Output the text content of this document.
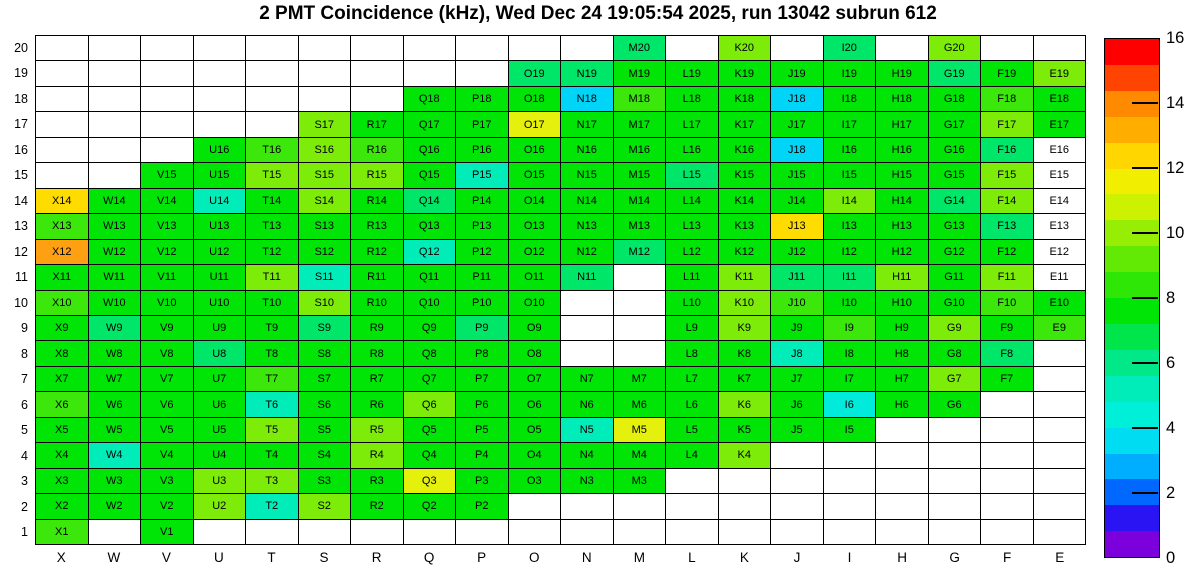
2 PMT Coincidence (kHz), Wed Dec 24 19:05:54 2025, run 13042 subrun 612
20
19
18
17
16
15
14
13
12
11
10
9
8
7
6
5
4
3
2
1
M20	K20	I20	G20
O19	N19	M19	L19	K19	J19	I19	H19	G19	F19	E19
Q18	P18	O18	N18	M18	L18	K18	J18	I18	H18	G18	F18	E18
S17	R17	Q17	P17	O17	N17	M17	L17	K17	J17	I17	H17	G17	F17	E17
U16	T16	S16	R16	Q16	P16	O16	N16	M16	L16	K16	J18	I16	H16	G16	F16	E16
V15	U15	T15	S15	R15	Q15	P15	O15	N15	M15	L15	K15	J15	I15	H15	G15	F15	E15
X14	W14	V14	U14	T14	S14	R14	Q14	P14	O14	N14	M14	L14	K14	J14	I14	H14	G14	F14	E14
X13	W13	V13	U13	T13	S13	R13	Q13	P13	O13	N13	M13	L13	K13	J13	I13	H13	G13	F13	E13
X12	W12	V12	U12	T12	S12	R12	Q12	P12	O12	N12	M12	L12	K12	J12	I12	H12	G12	F12	E12
X11	W11	V11	U11	T11	S11	R11	Q11	P11	O11	N11	L11	K11	J11	I11	H11	G11	F11	E11
X10	W10	V10	U10	T10	S10	R10	Q10	P10	O10	L10	K10	J10	I10	H10	G10	F10	E10
X9	W9	V9	U9	T9	S9	R9	Q9	P9	O9	L9	K9	J9	I9	H9	G9	F9	E9
X8	W8	V8	U8	T8	S8	R8	Q8	P8	O8	L8	K8	J8	I8	H8	G8	F8
X7	W7	V7	U7	T7	S7	R7	Q7	P7	O7	N7	M7	L7	K7	J7	I7	H7	G7	F7
X6	W6	V6	U6	T6	S6	R6	Q6	P6	O6	N6	M6	L6	K6	J6	I6	H6	G6
X5	W5	V5	U5	T5	S5	R5	Q5	P5	O5	N5	M5	L5	K5	J5	I5
X4	W4	V4	U4	T4	S4	R4	Q4	P4	O4	N4	M4	L4	K4
X3	W3	V3	U3	T3	S3	R3	Q3	P3	O3	N3	M3
X2	W2	V2	U2	T2	S2	R2	Q2	P2
X1	V1
X	W	V	U	T	S	R	Q	P	O	N	M	L	K	J	I	H	G	F	E
16
14
12
10
8
6
4
2
0
